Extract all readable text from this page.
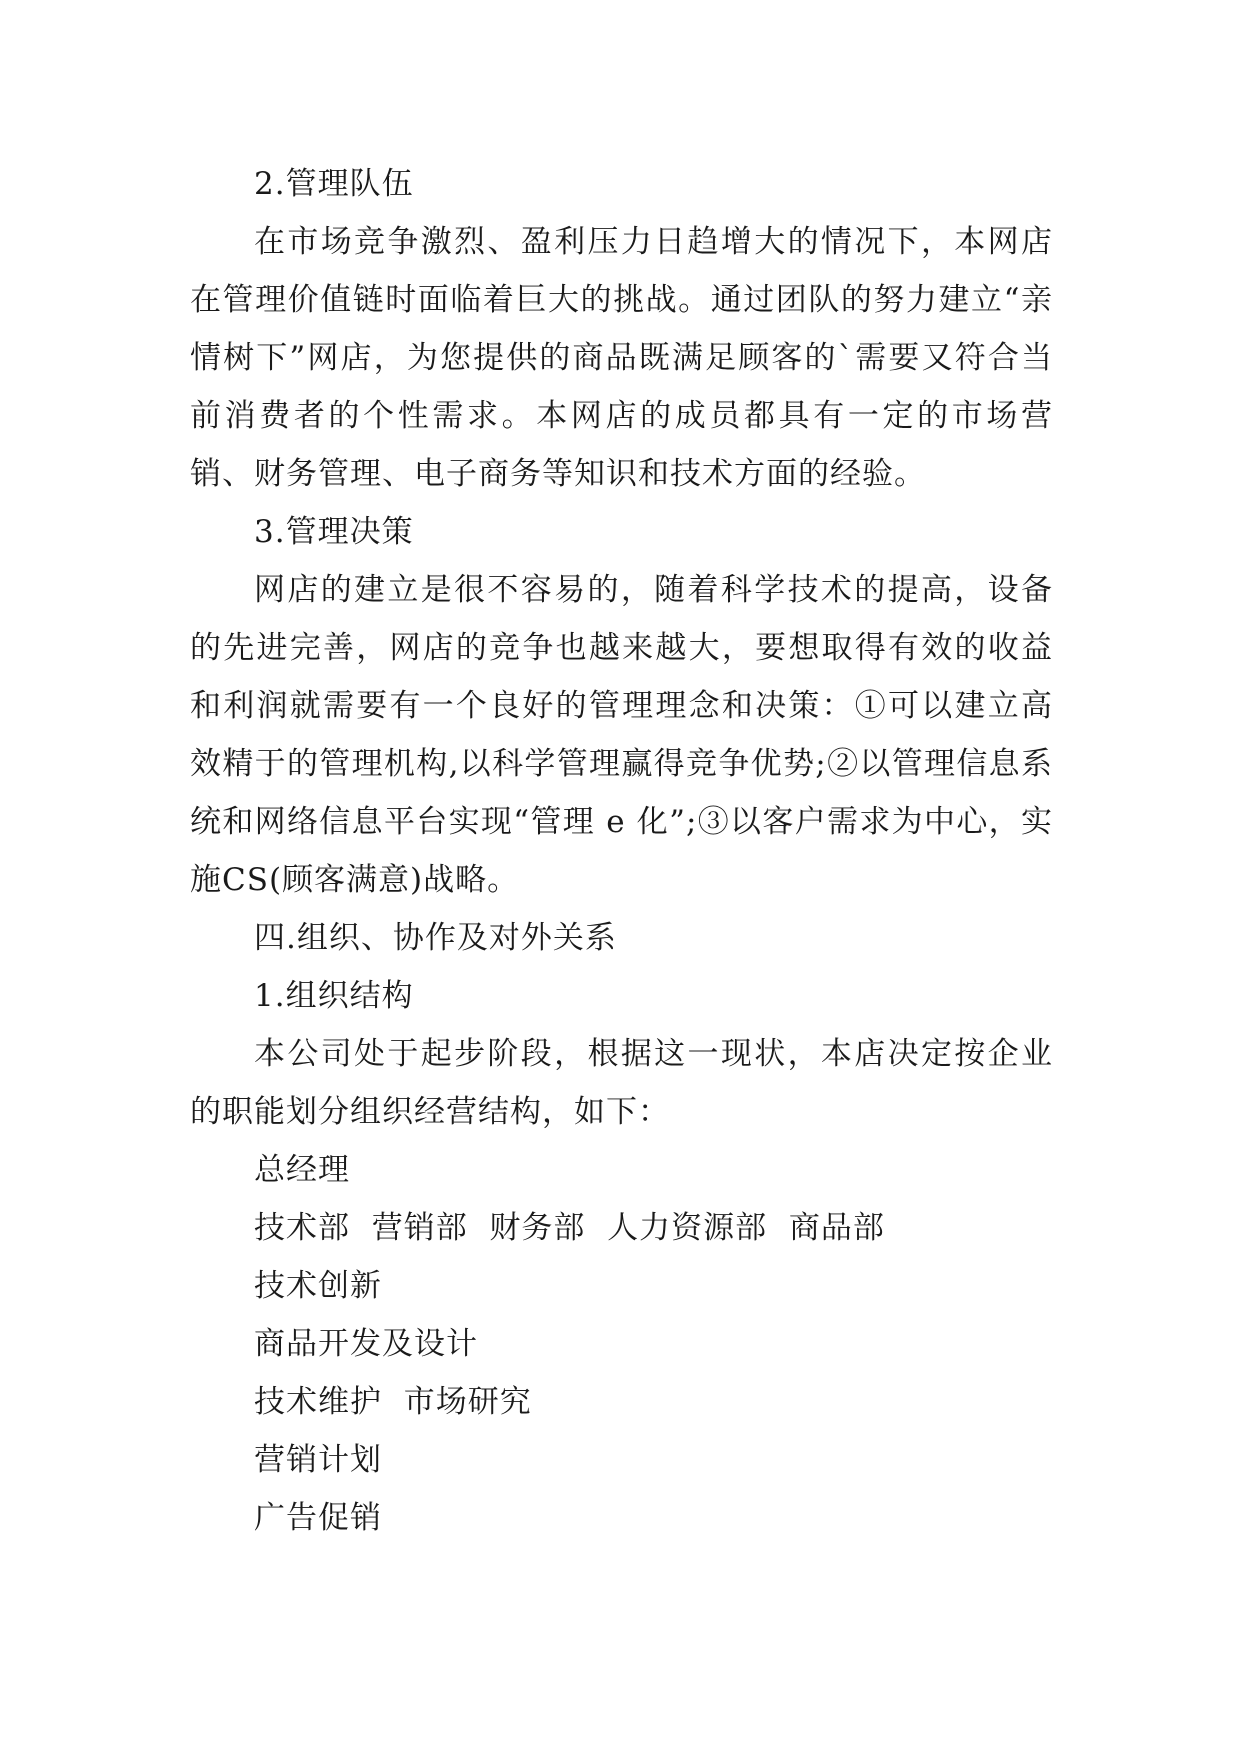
2.管理队伍

在市场竞争激烈、盈利压力日趋增大的情况下，本网店在管理价值链时面临着巨大的挑战。通过团队的努力建立“亲情树下”网店，为您提供的商品既满足顾客的`需要又符合当前消费者的个性需求。本网店的成员都具有一定的市场营销、财务管理、电子商务等知识和技术方面的经验。

3.管理决策

网店的建立是很不容易的，随着科学技术的提高，设备的先进完善，网店的竞争也越来越大，要想取得有效的收益和利润就需要有一个良好的管理理念和决策：①可以建立高效精于的管理机构,以科学管理赢得竞争优势;②以管理信息系统和网络信息平台实现“管理 e 化”;③以客户需求为中心，实施CS(顾客满意)战略。

四.组织、协作及对外关系

1.组织结构

本公司处于起步阶段，根据这一现状，本店决定按企业的职能划分组织经营结构，如下：

总经理

技术部  营销部  财务部  人力资源部  商品部

技术创新

商品开发及设计

技术维护  市场研究

营销计划

广告促销
